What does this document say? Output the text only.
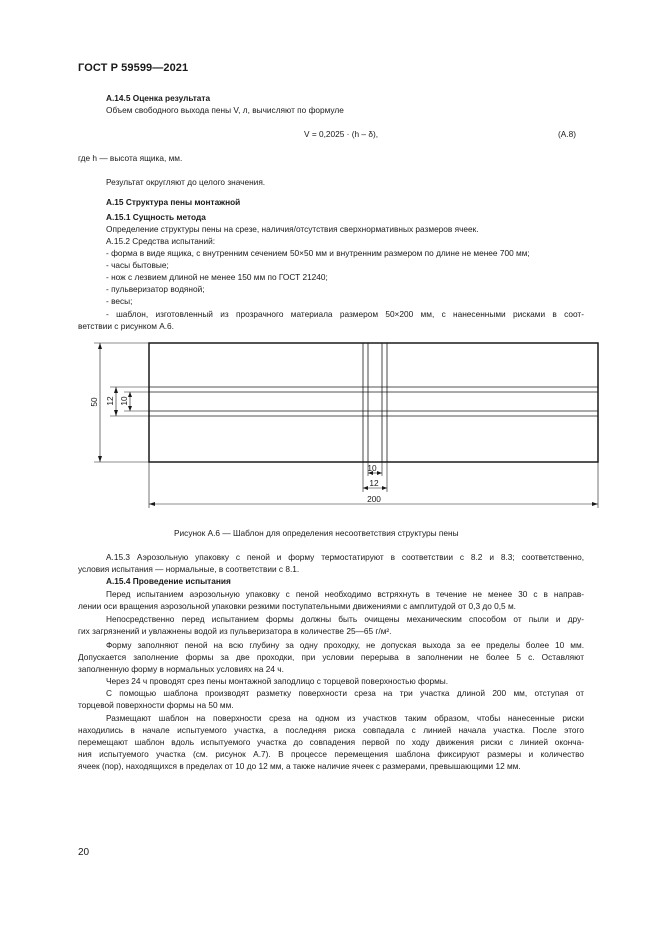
ГОСТ Р 59599—2021
А.14.5 Оценка результата
Объем свободного выхода пены V, л, вычисляют по формуле
V = 0,2025 · (h – δ),	(А.8)
где h — высота ящика, мм.
Результат округляют до целого значения.
А.15 Структура пены монтажной
А.15.1 Сущность метода
Определение структуры пены на срезе, наличия/отсутствия сверхнормативных размеров ячеек.
А.15.2 Средства испытаний:
- форма в виде ящика, с внутренним сечением 50×50 мм и внутренним размером по длине не менее 700 мм;
- часы бытовые;
- нож с лезвием длиной не менее 150 мм по ГОСТ 21240;
- пульверизатор водяной;
- весы;
- шаблон, изготовленный из прозрачного материала размером 50×200 мм, с нанесенными рисками в соот-
ветствии с рисунком А.6.
50 12 10
10
12
200
Рисунок А.6 — Шаблон для определения несоответствия структуры пены
А.15.3 Аэрозольную упаковку с пеной и форму термостатируют в соответствии с 8.2 и 8.3; соответственно,
условия испытания — нормальные, в соответствии с 8.1.
А.15.4 Проведение испытания
Перед испытанием аэрозольную упаковку с пеной необходимо встряхнуть в течение не менее 30 с в направ-
лении оси вращения аэрозольной упаковки резкими поступательными движениями с амплитудой от 0,3 до 0,5 м.
Непосредственно перед испытанием формы должны быть очищены механическим способом от пыли и дру-
гих загрязнений и увлажнены водой из пульверизатора в количестве 25—65 г/м².
Форму заполняют пеной на всю глубину за одну проходку, не допуская выхода за ее пределы более 10 мм.
Допускается заполнение формы за две проходки, при условии перерыва в заполнении не более 5 с. Оставляют
заполненную форму в нормальных условиях на 24 ч.
Через 24 ч проводят срез пены монтажной заподлицо с торцевой поверхностью формы.
С помощью шаблона производят разметку поверхности среза на три участка длиной 200 мм, отступая от
торцевой поверхности формы на 50 мм.
Размещают шаблон на поверхности среза на одном из участков таким образом, чтобы нанесенные риски
находились в начале испытуемого участка, а последняя риска совпадала с линией начала участка. После этого
перемещают шаблон вдоль испытуемого участка до совпадения первой по ходу движения риски с линией оконча-
ния испытуемого участка (см. рисунок А.7). В процессе перемещения шаблона фиксируют размеры и количество
ячеек (пор), находящихся в пределах от 10 до 12 мм, а также наличие ячеек с размерами, превышающими 12 мм.
20
